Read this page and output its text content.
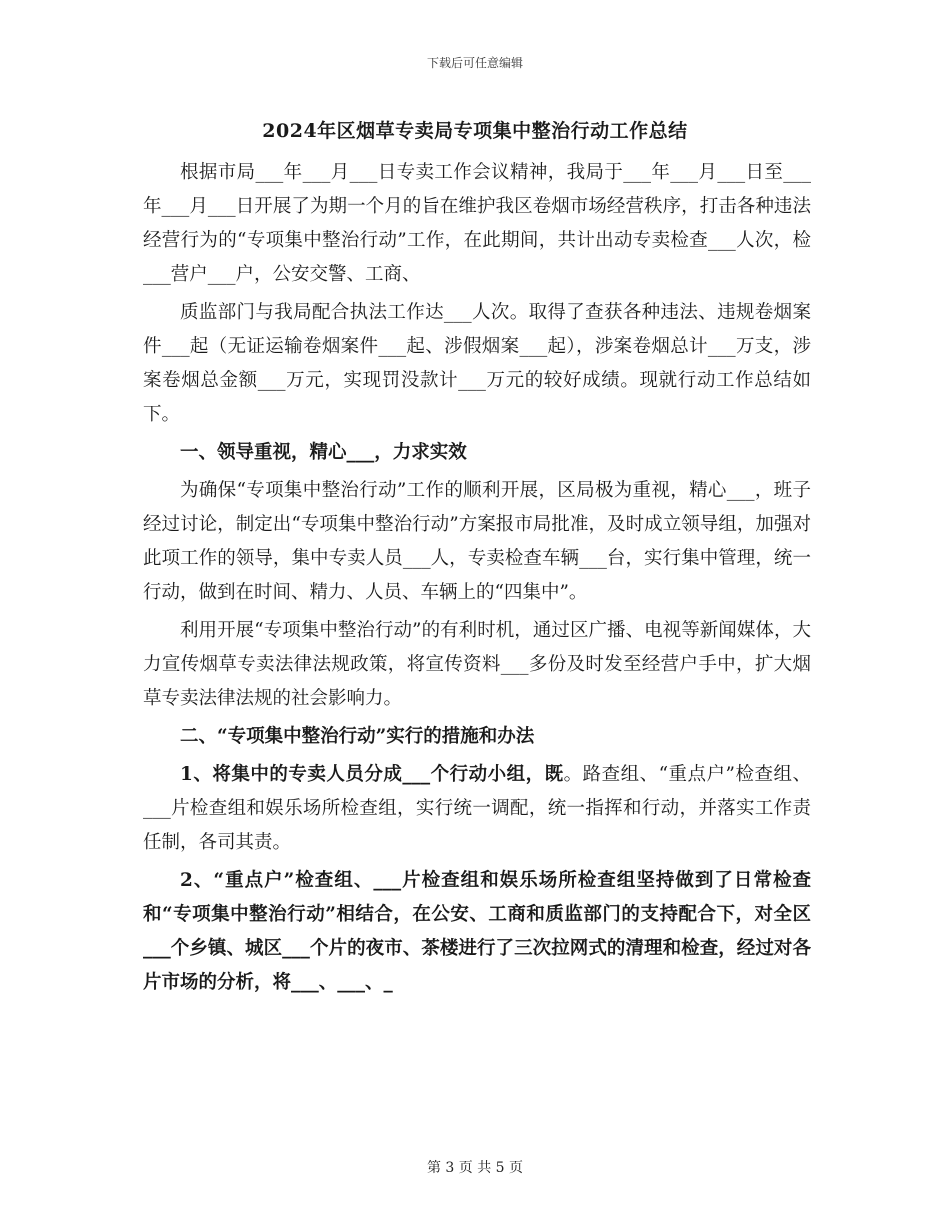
下载后可任意编辑
2024年区烟草专卖局专项集中整治行动工作总结

根据市局___年___月___日专卖工作会议精神，我局于___年___月___日至___年___月___日开展了为期一个月的旨在维护我区卷烟市场经营秩序，打击各种违法经营行为的“专项集中整治行动”工作，在此期间，共计出动专卖检查___人次，检___营户___户，公安交警、工商、

质监部门与我局配合执法工作达___人次。取得了查获各种违法、违规卷烟案件___起（无证运输卷烟案件___起、涉假烟案___起），涉案卷烟总计___万支，涉案卷烟总金额___万元，实现罚没款计___万元的较好成绩。现就行动工作总结如下。

一、领导重视，精心___，力求实效

为确保“专项集中整治行动”工作的顺利开展，区局极为重视，精心___，班子经过讨论，制定出“专项集中整治行动”方案报市局批准，及时成立领导组，加强对此项工作的领导，集中专卖人员___人，专卖检查车辆___台，实行集中管理，统一行动，做到在时间、精力、人员、车辆上的“四集中”。

利用开展“专项集中整治行动”的有利时机，通过区广播、电视等新闻媒体，大力宣传烟草专卖法律法规政策，将宣传资料___多份及时发至经营户手中，扩大烟草专卖法律法规的社会影响力。

二、“专项集中整治行动”实行的措施和办法

1、将集中的专卖人员分成___个行动小组，既。路查组、“重点户”检查组、___片检查组和娱乐场所检查组，实行统一调配，统一指挥和行动，并落实工作责任制，各司其责。

2、“重点户”检查组、___片检查组和娱乐场所检查组坚持做到了日常检查和“专项集中整治行动”相结合，在公安、工商和质监部门的支持配合下，对全区___个乡镇、城区___个片的夜市、茶楼进行了三次拉网式的清理和检查，经过对各片市场的分析，将___、___、_

第 3 页 共 5 页
